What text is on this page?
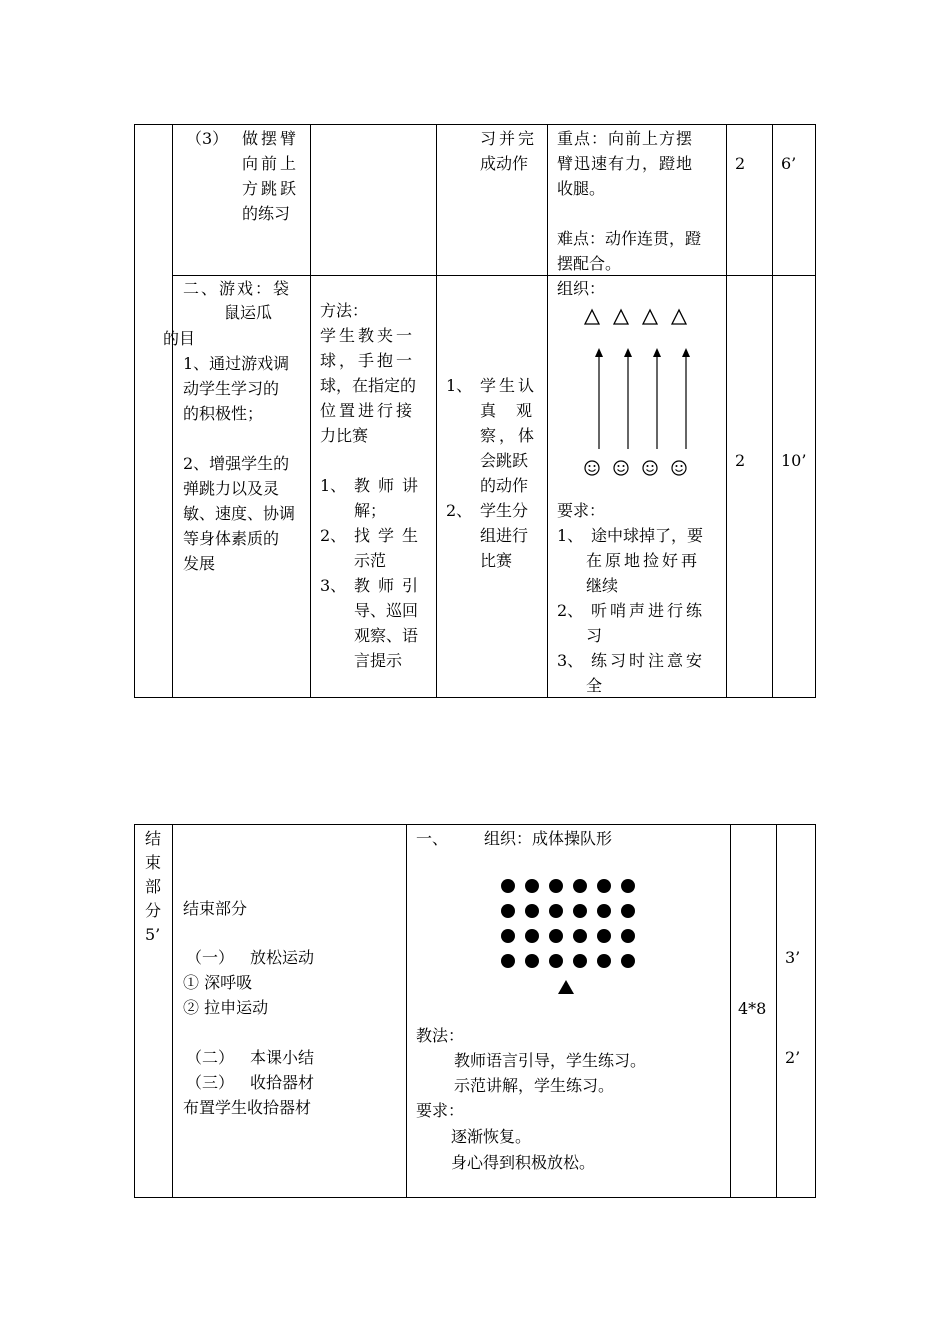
（3） 做摆臂
向前上
方跳跃
的练习
习并完
成动作
重点：向前上方摆
臂迅速有力，蹬地
收腿。
难点：动作连贯，蹬
摆配合。
2 6’
二、游戏：袋
鼠运瓜
的目
1、通过游戏调
动学生学习的
的积极性；
2、增强学生的
弹跳力以及灵
敏、速度、协调
等身体素质的
发展
方法：
学生教夹一
球，手抱一
球，在指定的
位置进行接
力比赛
1、 教师讲
解；
2、 找学生
示范
3、 教师引
导、巡回
观察、语
言提示
1、 学生认
真　观
察，体
会跳跃
的动作
2、 学生分
组进行
比赛
组织：
要求：
1、 途中球掉了，要
在原地捡好再
继续
2、 听哨声进行练
习
3、 练习时注意安
全
2 10’
结
束
部
分
5’
结束部分
（一） 放松运动
① 深呼吸
② 拉申运动
（二） 本课小结
（三） 收拾器材
布置学生收拾器材
一、 组织：成体操队形
教法：
教师语言引导，学生练习。
示范讲解，学生练习。
要求：
逐渐恢复。
身心得到积极放松。
4*8
3’
2’
